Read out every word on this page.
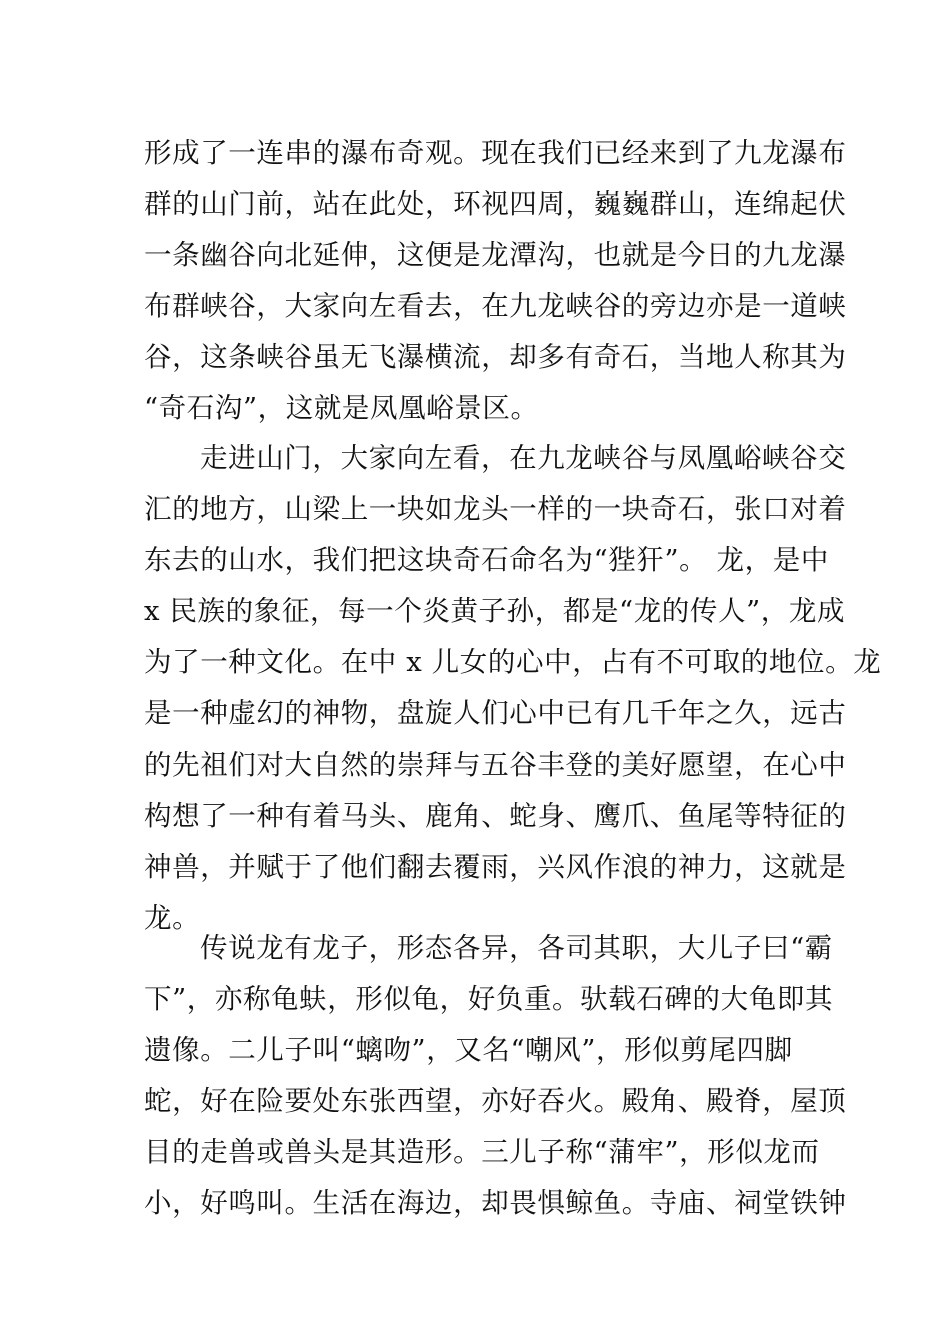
形成了一连串的瀑布奇观。现在我们已经来到了九龙瀑布
群的山门前，站在此处，环视四周，巍巍群山，连绵起伏
一条幽谷向北延伸，这便是龙潭沟，也就是今日的九龙瀑
布群峡谷，大家向左看去，在九龙峡谷的旁边亦是一道峡
谷，这条峡谷虽无飞瀑横流，却多有奇石，当地人称其为
“奇石沟”，这就是凤凰峪景区。
走进山门，大家向左看，在九龙峡谷与凤凰峪峡谷交
汇的地方，山梁上一块如龙头一样的一块奇石，张口对着
东去的山水，我们把这块奇石命名为“狴犴”。 龙，是中
x 民族的象征，每一个炎黄子孙，都是“龙的传人”，龙成
为了一种文化。在中 x 儿女的心中，占有不可取的地位。龙
是一种虚幻的神物，盘旋人们心中已有几千年之久，远古
的先祖们对大自然的崇拜与五谷丰登的美好愿望，在心中
构想了一种有着马头、鹿角、蛇身、鹰爪、鱼尾等特征的
神兽，并赋于了他们翻去覆雨，兴风作浪的神力，这就是
龙。
传说龙有龙子，形态各异，各司其职，大儿子曰“霸
下”，亦称龟蚨，形似龟，好负重。驮载石碑的大龟即其
遗像。二儿子叫“螭吻”，又名“嘲风”，形似剪尾四脚
蛇，好在险要处东张西望，亦好吞火。殿角、殿脊，屋顶
目的走兽或兽头是其造形。三儿子称“蒲牢”，形似龙而
小，好鸣叫。生活在海边，却畏惧鲸鱼。寺庙、祠堂铁钟
